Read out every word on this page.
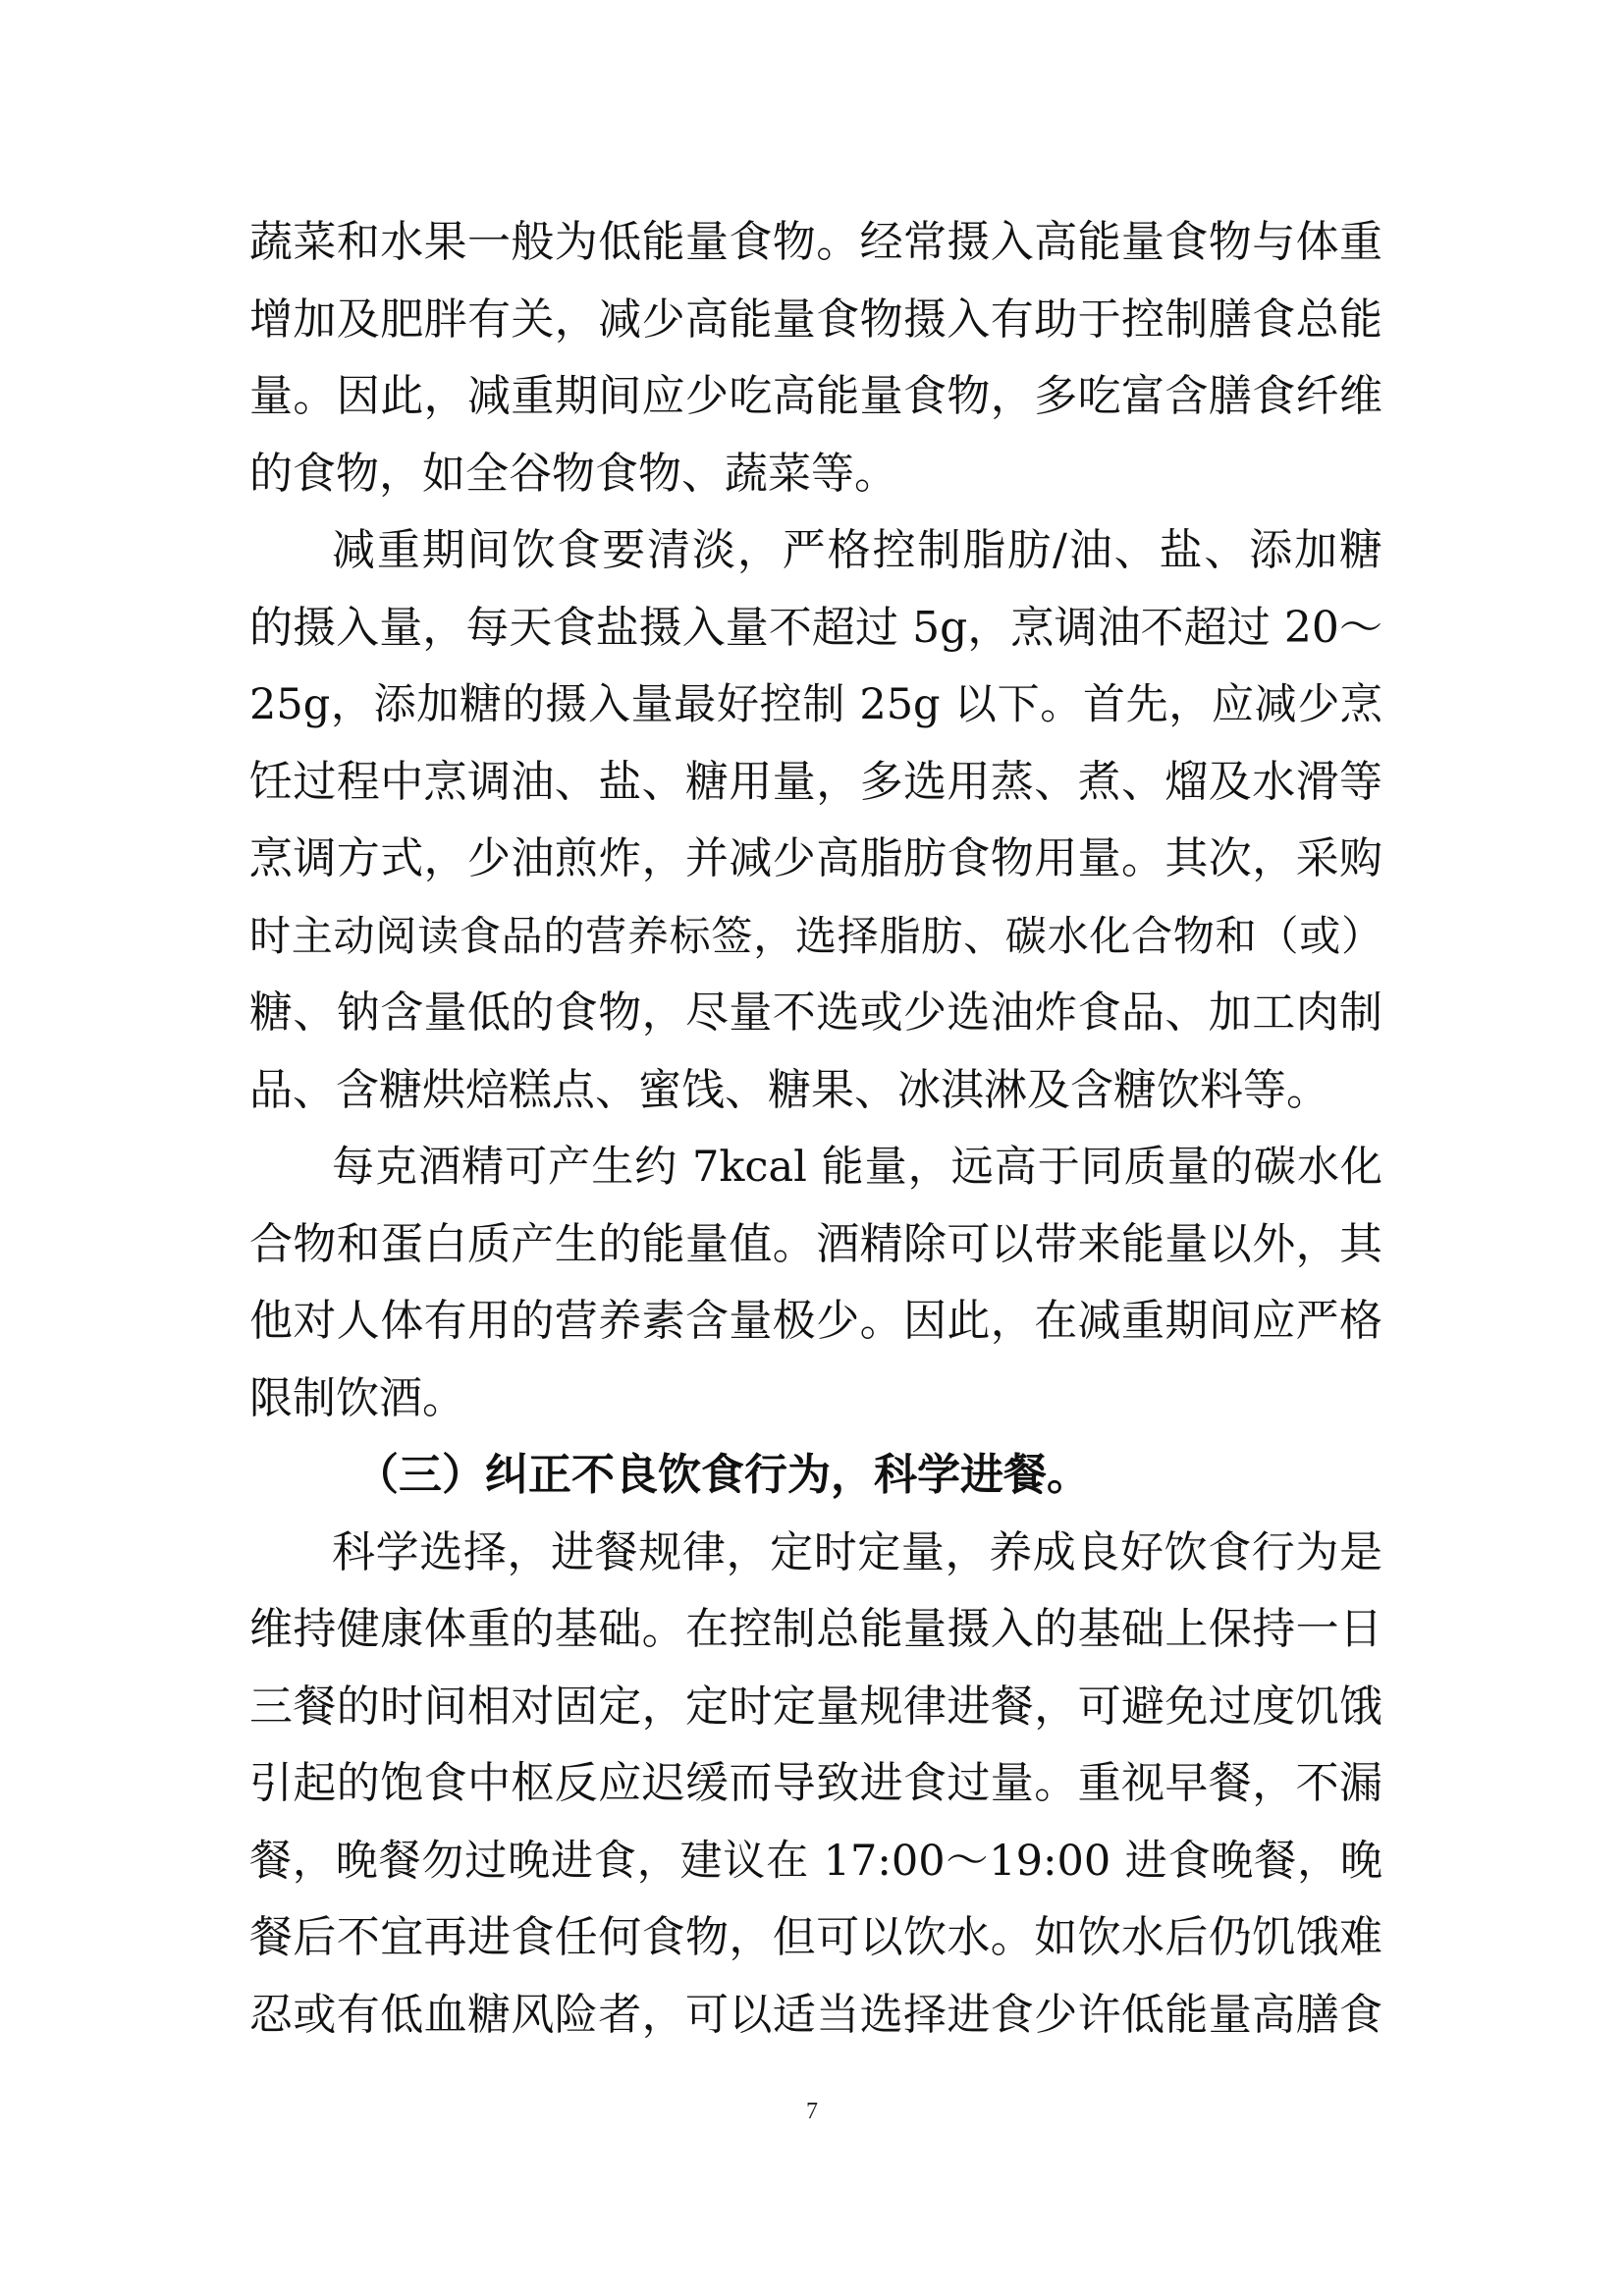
蔬菜和水果一般为低能量食物。经常摄入高能量食物与体重
增加及肥胖有关，减少高能量食物摄入有助于控制膳食总能
量。因此，减重期间应少吃高能量食物，多吃富含膳食纤维
的食物，如全谷物食物、蔬菜等。
减重期间饮食要清淡，严格控制脂肪/油、盐、添加糖
的摄入量，每天食盐摄入量不超过 5g，烹调油不超过 20～
25g，添加糖的摄入量最好控制 25g 以下。首先，应减少烹
饪过程中烹调油、盐、糖用量，多选用蒸、煮、熘及水滑等
烹调方式，少油煎炸，并减少高脂肪食物用量。其次，采购
时主动阅读食品的营养标签，选择脂肪、碳水化合物和（或）
糖、钠含量低的食物，尽量不选或少选油炸食品、加工肉制
品、含糖烘焙糕点、蜜饯、糖果、冰淇淋及含糖饮料等。
每克酒精可产生约 7kcal 能量，远高于同质量的碳水化
合物和蛋白质产生的能量值。酒精除可以带来能量以外，其
他对人体有用的营养素含量极少。因此，在减重期间应严格
限制饮酒。
（三）纠正不良饮食行为，科学进餐。
科学选择，进餐规律，定时定量，养成良好饮食行为是
维持健康体重的基础。在控制总能量摄入的基础上保持一日
三餐的时间相对固定，定时定量规律进餐，可避免过度饥饿
引起的饱食中枢反应迟缓而导致进食过量。重视早餐，不漏
餐，晚餐勿过晚进食，建议在 17:00～19:00 进食晚餐，晚
餐后不宜再进食任何食物，但可以饮水。如饮水后仍饥饿难
忍或有低血糖风险者，可以适当选择进食少许低能量高膳食
7
